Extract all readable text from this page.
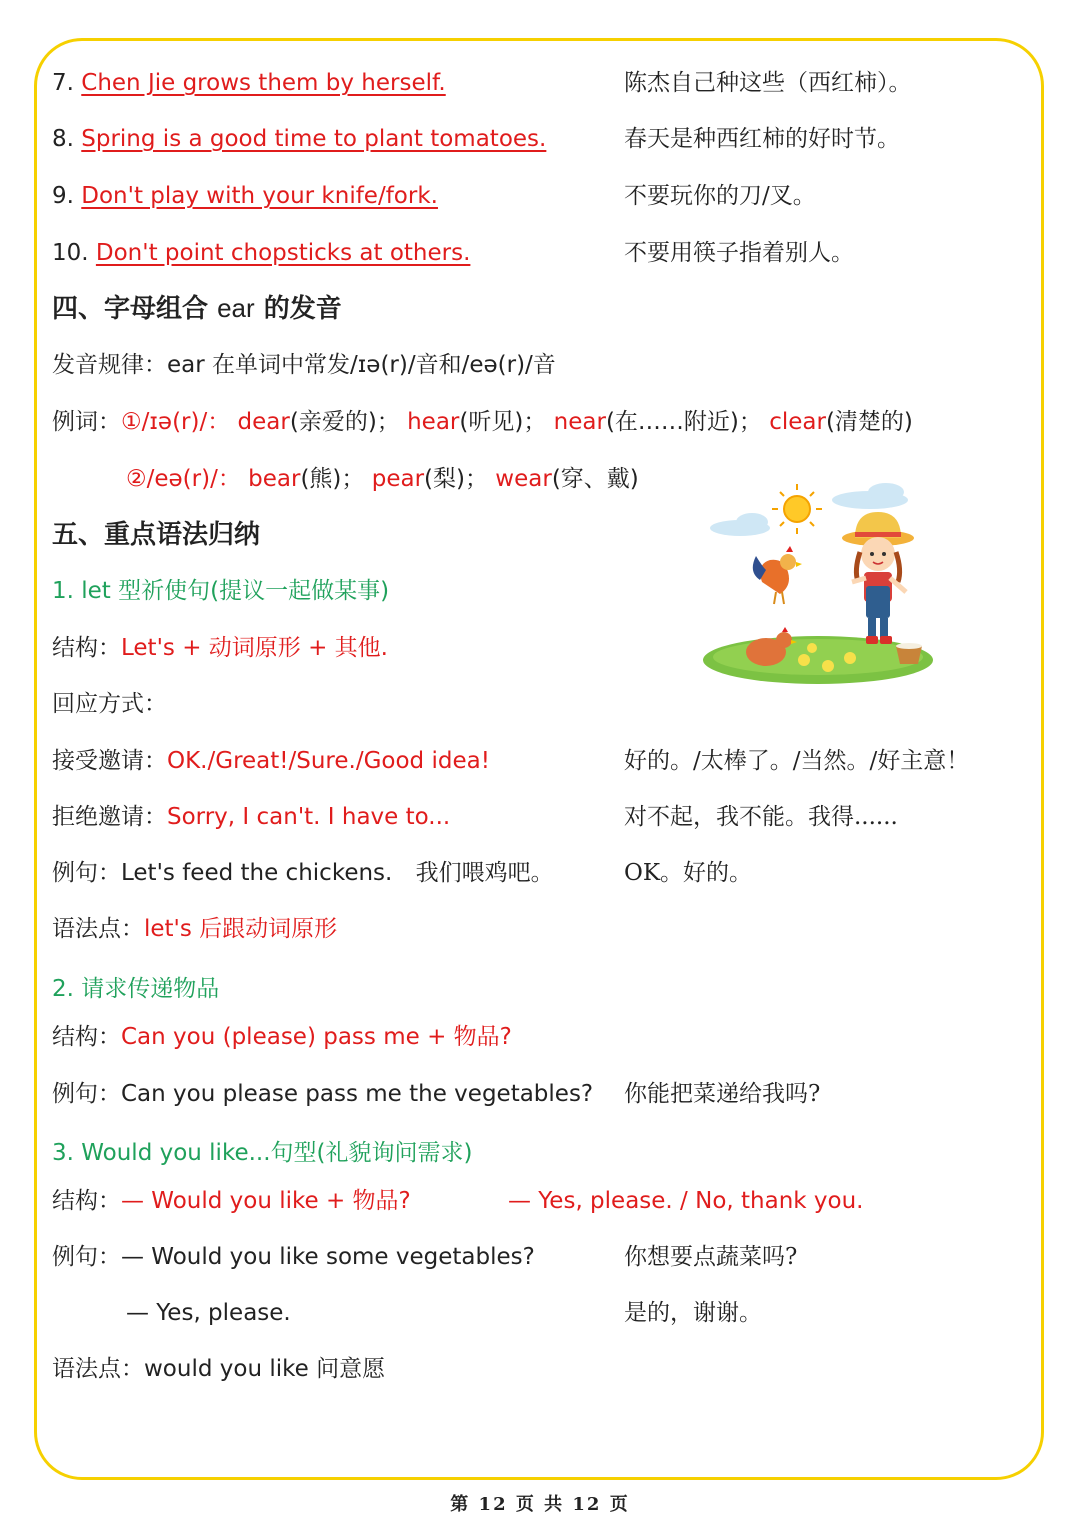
7. Chen Jie grows them by herself.	陈杰自己种这些（西红柿）。
8. Spring is a good time to plant tomatoes.	春天是种西红柿的好时节。
9. Don't play with your knife/fork.	不要玩你的刀/叉。
10. Don't point chopsticks at others.	不要用筷子指着别人。
四、字母组合 ear 的发音
发音规律：ear 在单词中常发/ɪə(r)/音和/eə(r)/音
例词：①/ɪə(r)/： dear(亲爱的)； hear(听见)； near(在……附近)； clear(清楚的)
②/eə(r)/： bear(熊)； pear(梨)； wear(穿、戴)
五、重点语法归纳
1. let 型祈使句(提议一起做某事)
结构：Let's + 动词原形 + 其他.
回应方式：
接受邀请：OK./Great!/Sure./Good idea!	好的。/太棒了。/当然。/好主意！
拒绝邀请：Sorry, I can't. I have to...	对不起，我不能。我得......
例句：Let's feed the chickens. 我们喂鸡吧。	OK。好的。
语法点：let's 后跟动词原形
2. 请求传递物品
结构：Can you (please) pass me + 物品?
例句：Can you please pass me the vegetables? 你能把菜递给我吗?
3. Would you like...句型(礼貌询问需求)
结构：— Would you like + 物品?	— Yes, please. / No, thank you.
例句：— Would you like some vegetables?	你想要点蔬菜吗?
— Yes, please.	是的，谢谢。
语法点：would you like 问意愿
第 12 页 共 12 页
